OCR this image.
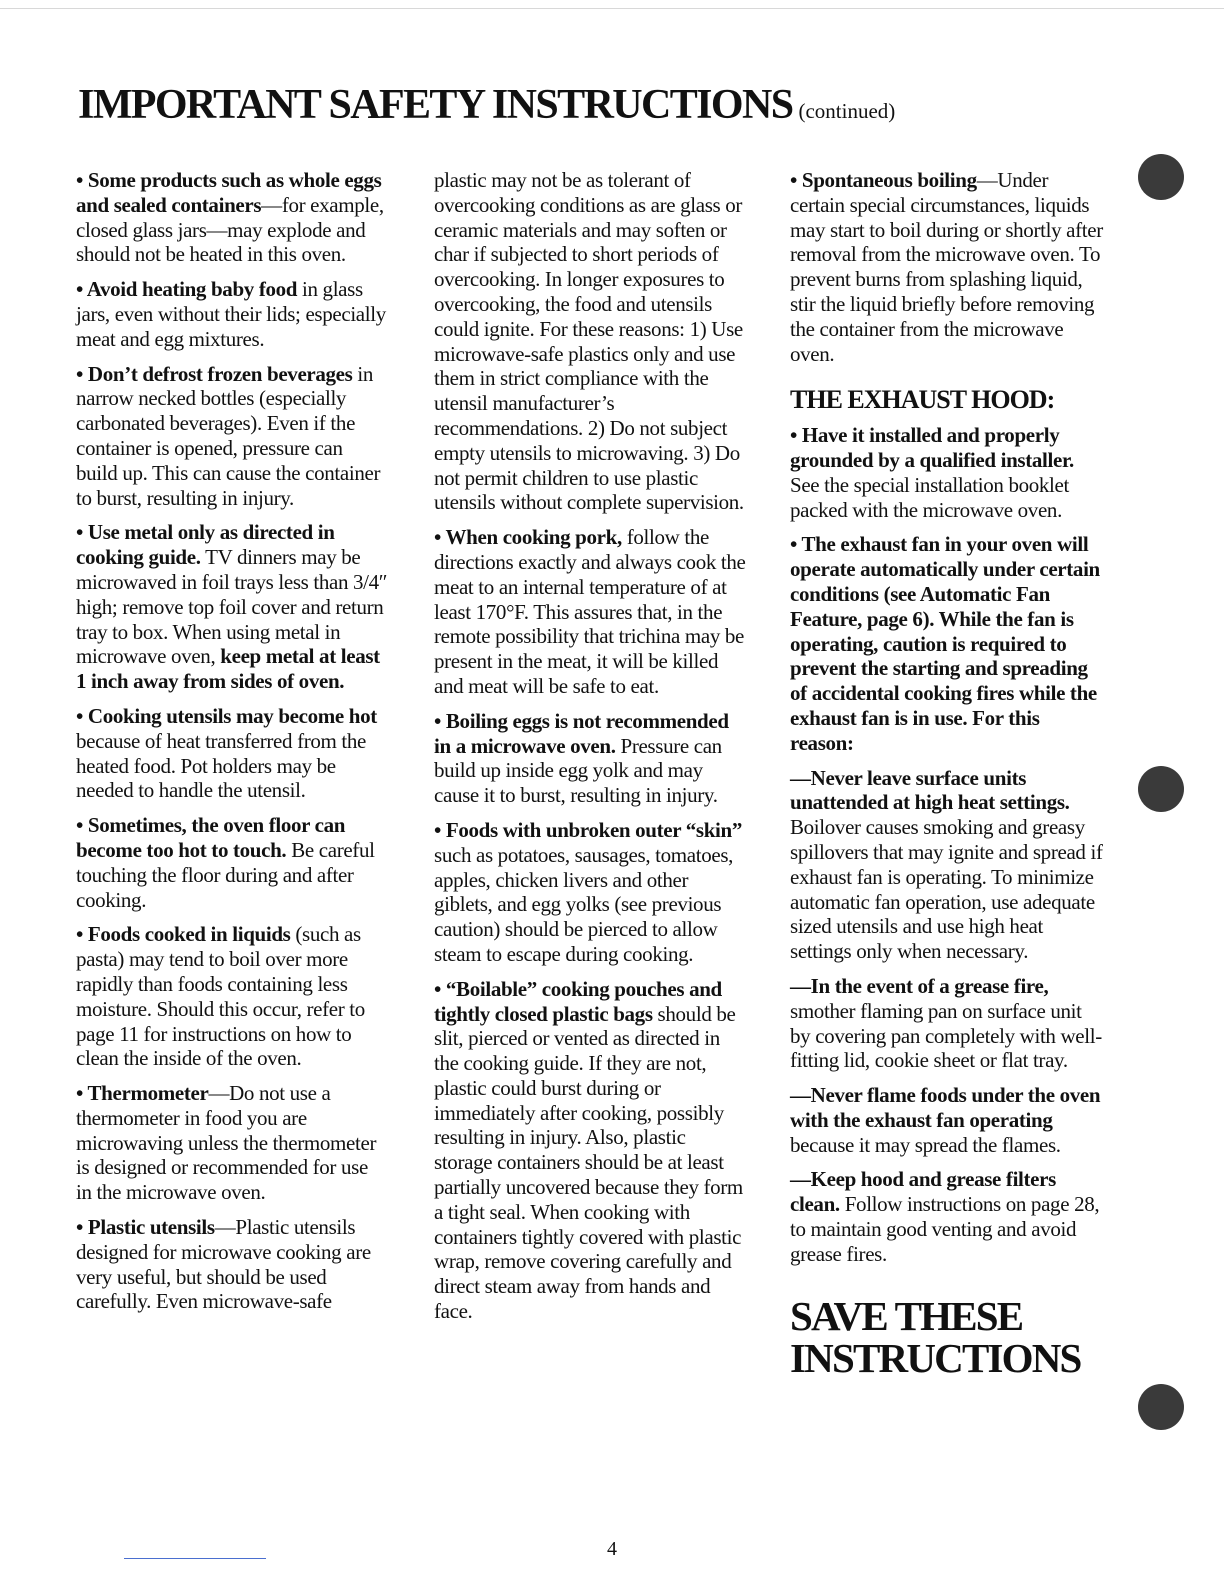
IMPORTANT SAFETY INSTRUCTIONS (continued)

• Some products such as whole eggs and sealed containers—for example, closed glass jars—may explode and should not be heated in this oven.

• Avoid heating baby food in glass jars, even without their lids; especially meat and egg mixtures.

• Don’t defrost frozen beverages in narrow necked bottles (especially carbonated beverages). Even if the container is opened, pressure can build up. This can cause the container to burst, resulting in injury.

• Use metal only as directed in cooking guide. TV dinners may be microwaved in foil trays less than 3/4″ high; remove top foil cover and return tray to box. When using metal in microwave oven, keep metal at least 1 inch away from sides of oven.

• Cooking utensils may become hot because of heat transferred from the heated food. Pot holders may be needed to handle the utensil.

• Sometimes, the oven floor can become too hot to touch. Be careful touching the floor during and after cooking.

• Foods cooked in liquids (such as pasta) may tend to boil over more rapidly than foods containing less moisture. Should this occur, refer to page 11 for instructions on how to clean the inside of the oven.

• Thermometer—Do not use a thermometer in food you are microwaving unless the thermometer is designed or recommended for use in the microwave oven.

• Plastic utensils—Plastic utensils designed for microwave cooking are very useful, but should be used carefully. Even microwave-safe

plastic may not be as tolerant of overcooking conditions as are glass or ceramic materials and may soften or char if subjected to short periods of overcooking. In longer exposures to overcooking, the food and utensils could ignite. For these reasons: 1) Use microwave-safe plastics only and use them in strict compliance with the utensil manufacturer’s recommendations. 2) Do not subject empty utensils to microwaving. 3) Do not permit children to use plastic utensils without complete supervision.

• When cooking pork, follow the directions exactly and always cook the meat to an internal temperature of at least 170°F. This assures that, in the remote possibility that trichina may be present in the meat, it will be killed and meat will be safe to eat.

• Boiling eggs is not recommended in a microwave oven. Pressure can build up inside egg yolk and may cause it to burst, resulting in injury.

• Foods with unbroken outer “skin” such as potatoes, sausages, tomatoes, apples, chicken livers and other giblets, and egg yolks (see previous caution) should be pierced to allow steam to escape during cooking.

• “Boilable” cooking pouches and tightly closed plastic bags should be slit, pierced or vented as directed in the cooking guide. If they are not, plastic could burst during or immediately after cooking, possibly resulting in injury. Also, plastic storage containers should be at least partially uncovered because they form a tight seal. When cooking with containers tightly covered with plastic wrap, remove covering carefully and direct steam away from hands and face.

• Spontaneous boiling—Under certain special circumstances, liquids may start to boil during or shortly after removal from the microwave oven. To prevent burns from splashing liquid, stir the liquid briefly before removing the container from the microwave oven.

THE EXHAUST HOOD:

• Have it installed and properly grounded by a qualified installer. See the special installation booklet packed with the microwave oven.

• The exhaust fan in your oven will operate automatically under certain conditions (see Automatic Fan Feature, page 6). While the fan is operating, caution is required to prevent the starting and spreading of accidental cooking fires while the exhaust fan is in use. For this reason:

—Never leave surface units unattended at high heat settings. Boilover causes smoking and greasy spillovers that may ignite and spread if exhaust fan is operating. To minimize automatic fan operation, use adequate sized utensils and use high heat settings only when necessary.

—In the event of a grease fire, smother flaming pan on surface unit by covering pan completely with well-fitting lid, cookie sheet or flat tray.

—Never flame foods under the oven with the exhaust fan operating because it may spread the flames.

—Keep hood and grease filters clean. Follow instructions on page 28, to maintain good venting and avoid grease fires.

SAVE THESE
INSTRUCTIONS
4
